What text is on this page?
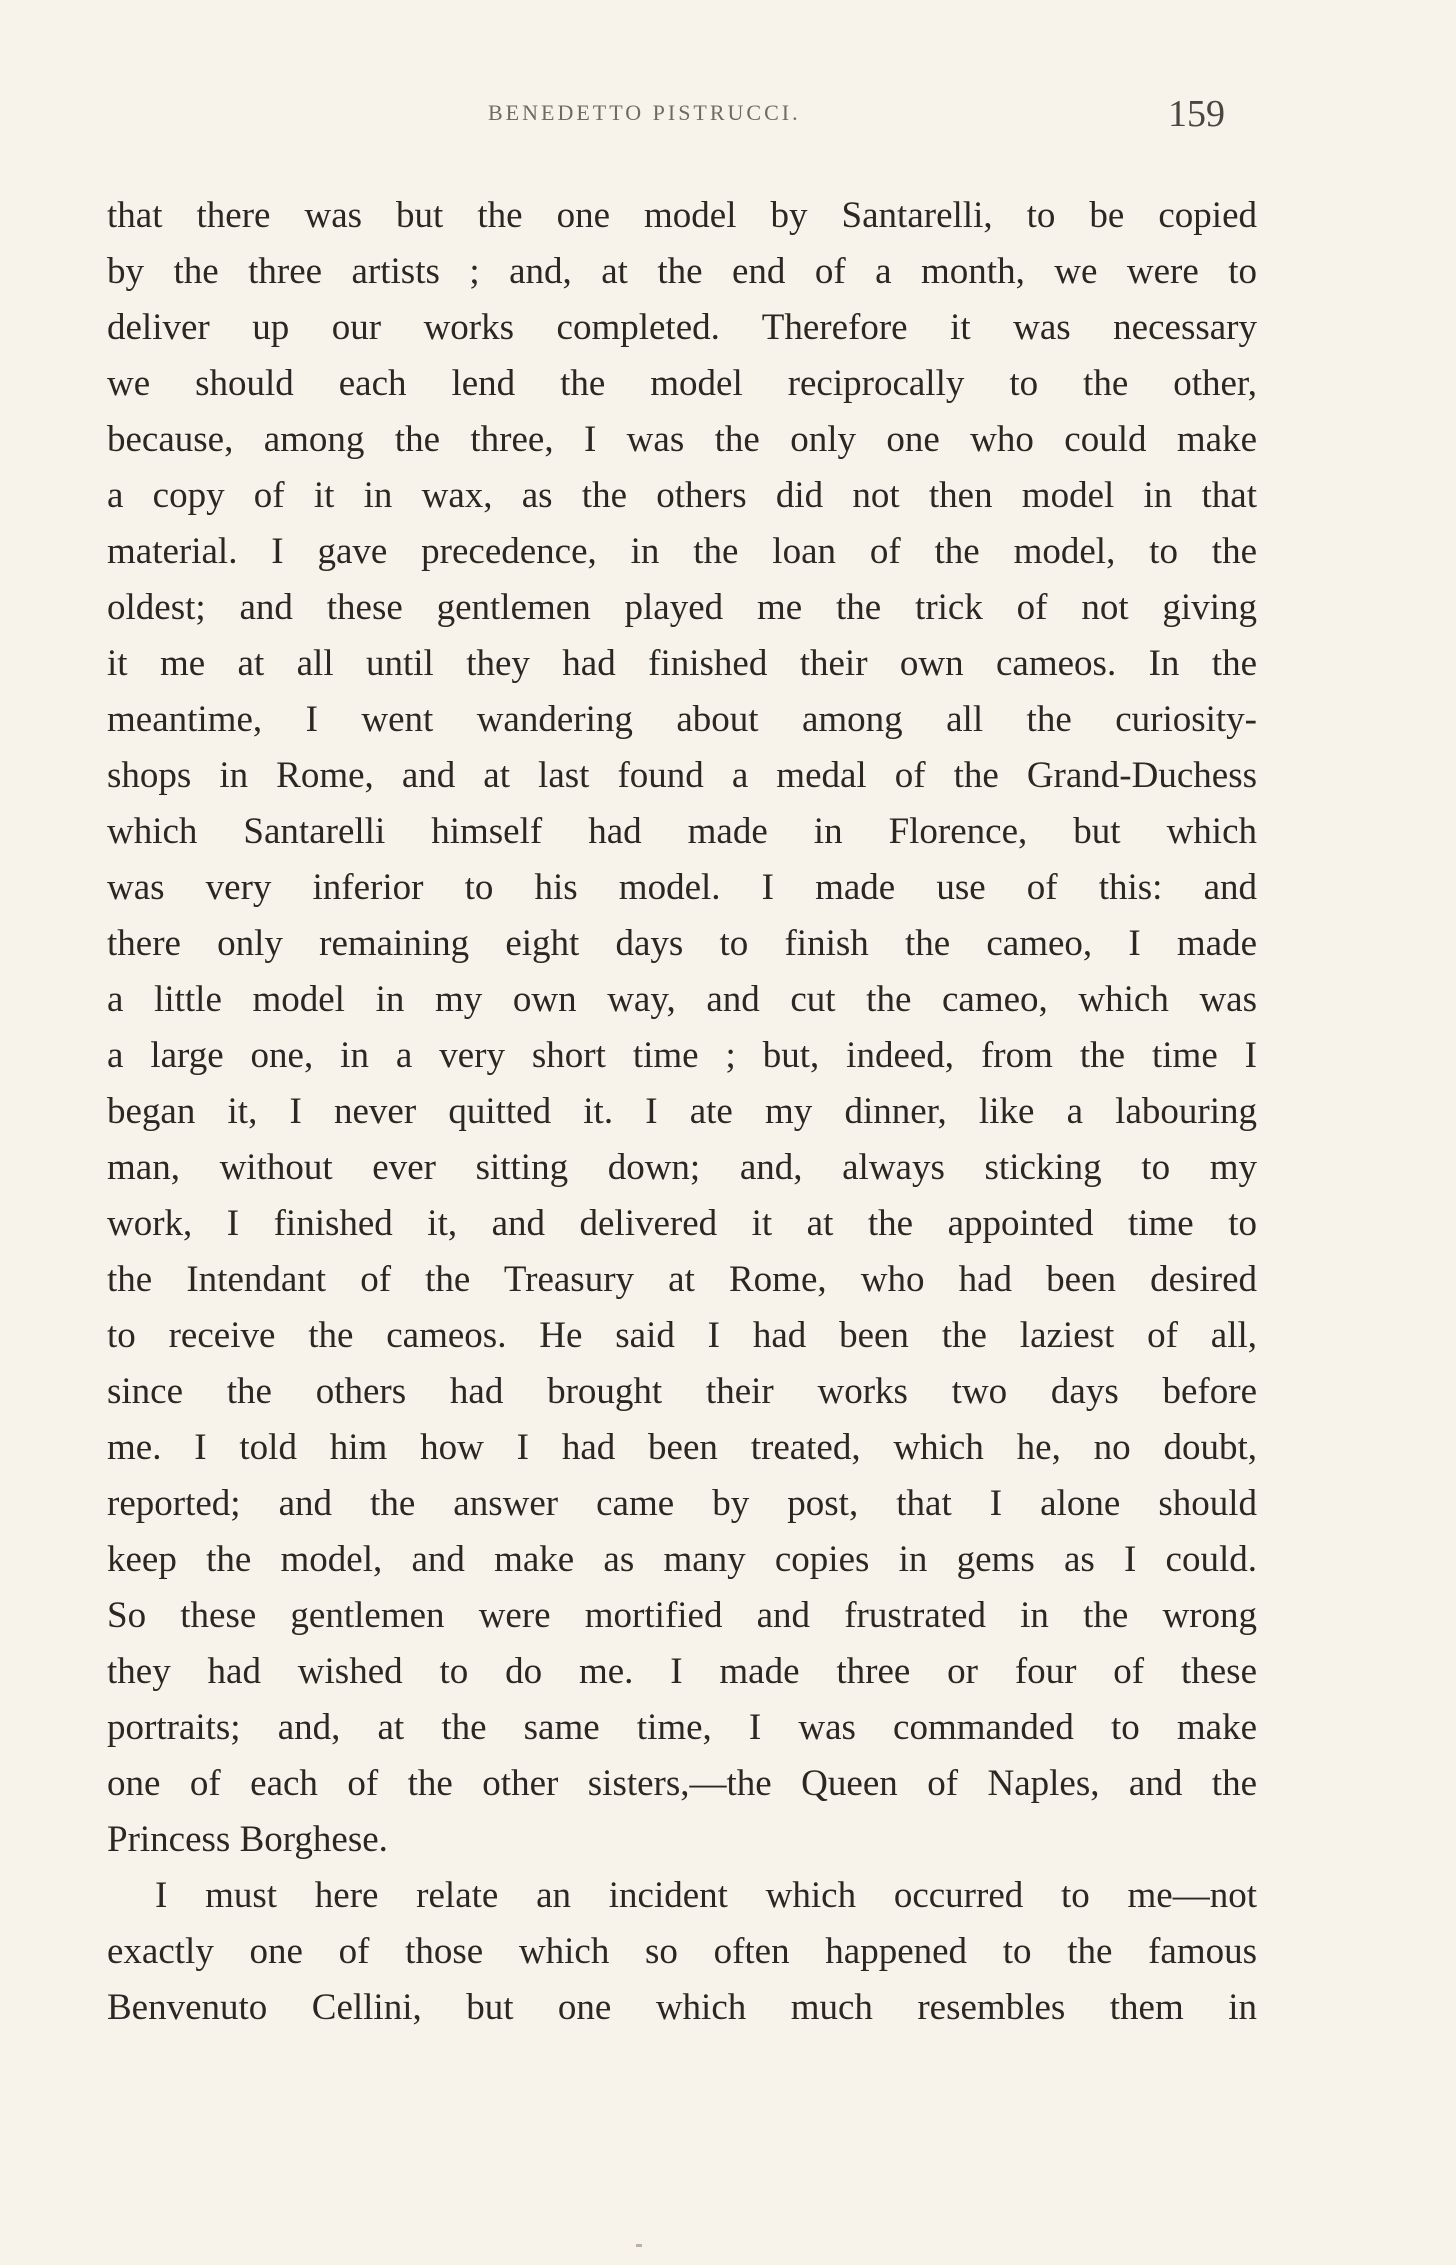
BENEDETTO PISTRUCCI.	159
that there was but the one model by Santarelli, to be copied
by the three artists ; and, at the end of a month, we were to
deliver up our works completed. Therefore it was necessary
we should each lend the model reciprocally to the other,
because, among the three, I was the only one who could make
a copy of it in wax, as the others did not then model in that
material. I gave precedence, in the loan of the model, to the
oldest; and these gentlemen played me the trick of not giving
it me at all until they had finished their own cameos. In the
meantime, I went wandering about among all the curiosity-
shops in Rome, and at last found a medal of the Grand-Duchess
which Santarelli himself had made in Florence, but which
was very inferior to his model. I made use of this: and
there only remaining eight days to finish the cameo, I made
a little model in my own way, and cut the cameo, which was
a large one, in a very short time ; but, indeed, from the time I
began it, I never quitted it. I ate my dinner, like a labouring
man, without ever sitting down; and, always sticking to my
work, I finished it, and delivered it at the appointed time to
the Intendant of the Treasury at Rome, who had been desired
to receive the cameos. He said I had been the laziest of all,
since the others had brought their works two days before
me. I told him how I had been treated, which he, no doubt,
reported; and the answer came by post, that I alone should
keep the model, and make as many copies in gems as I could.
So these gentlemen were mortified and frustrated in the wrong
they had wished to do me. I made three or four of these
portraits; and, at the same time, I was commanded to make
one of each of the other sisters,—the Queen of Naples, and the
Princess Borghese.
I must here relate an incident which occurred to me—not
exactly one of those which so often happened to the famous
Benvenuto Cellini, but one which much resembles them in
